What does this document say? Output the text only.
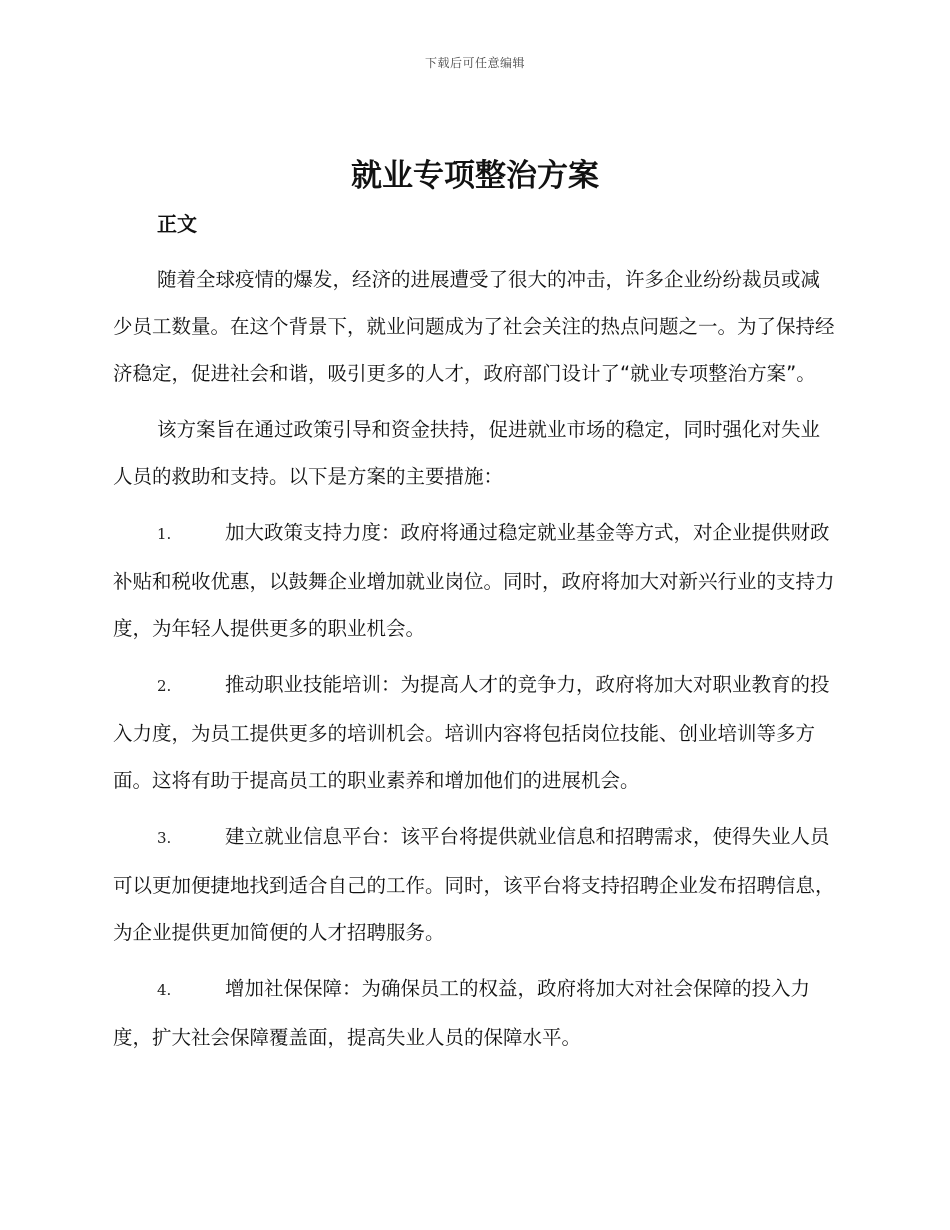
下载后可任意编辑
就业专项整治方案
正文

随着全球疫情的爆发，经济的进展遭受了很大的冲击，许多企业纷纷裁员或减少员工数量。在这个背景下，就业问题成为了社会关注的热点问题之一。为了保持经济稳定，促进社会和谐，吸引更多的人才，政府部门设计了“就业专项整治方案”。

该方案旨在通过政策引导和资金扶持，促进就业市场的稳定，同时强化对失业人员的救助和支持。以下是方案的主要措施：

1.	加大政策支持力度：政府将通过稳定就业基金等方式，对企业提供财政补贴和税收优惠，以鼓舞企业增加就业岗位。同时，政府将加大对新兴行业的支持力度，为年轻人提供更多的职业机会。
2.	推动职业技能培训：为提高人才的竞争力，政府将加大对职业教育的投入力度，为员工提供更多的培训机会。培训内容将包括岗位技能、创业培训等多方面。这将有助于提高员工的职业素养和增加他们的进展机会。
3.	建立就业信息平台：该平台将提供就业信息和招聘需求，使得失业人员可以更加便捷地找到适合自己的工作。同时，该平台将支持招聘企业发布招聘信息，为企业提供更加简便的人才招聘服务。
4.	增加社保保障：为确保员工的权益，政府将加大对社会保障的投入力度，扩大社会保障覆盖面，提高失业人员的保障水平。
